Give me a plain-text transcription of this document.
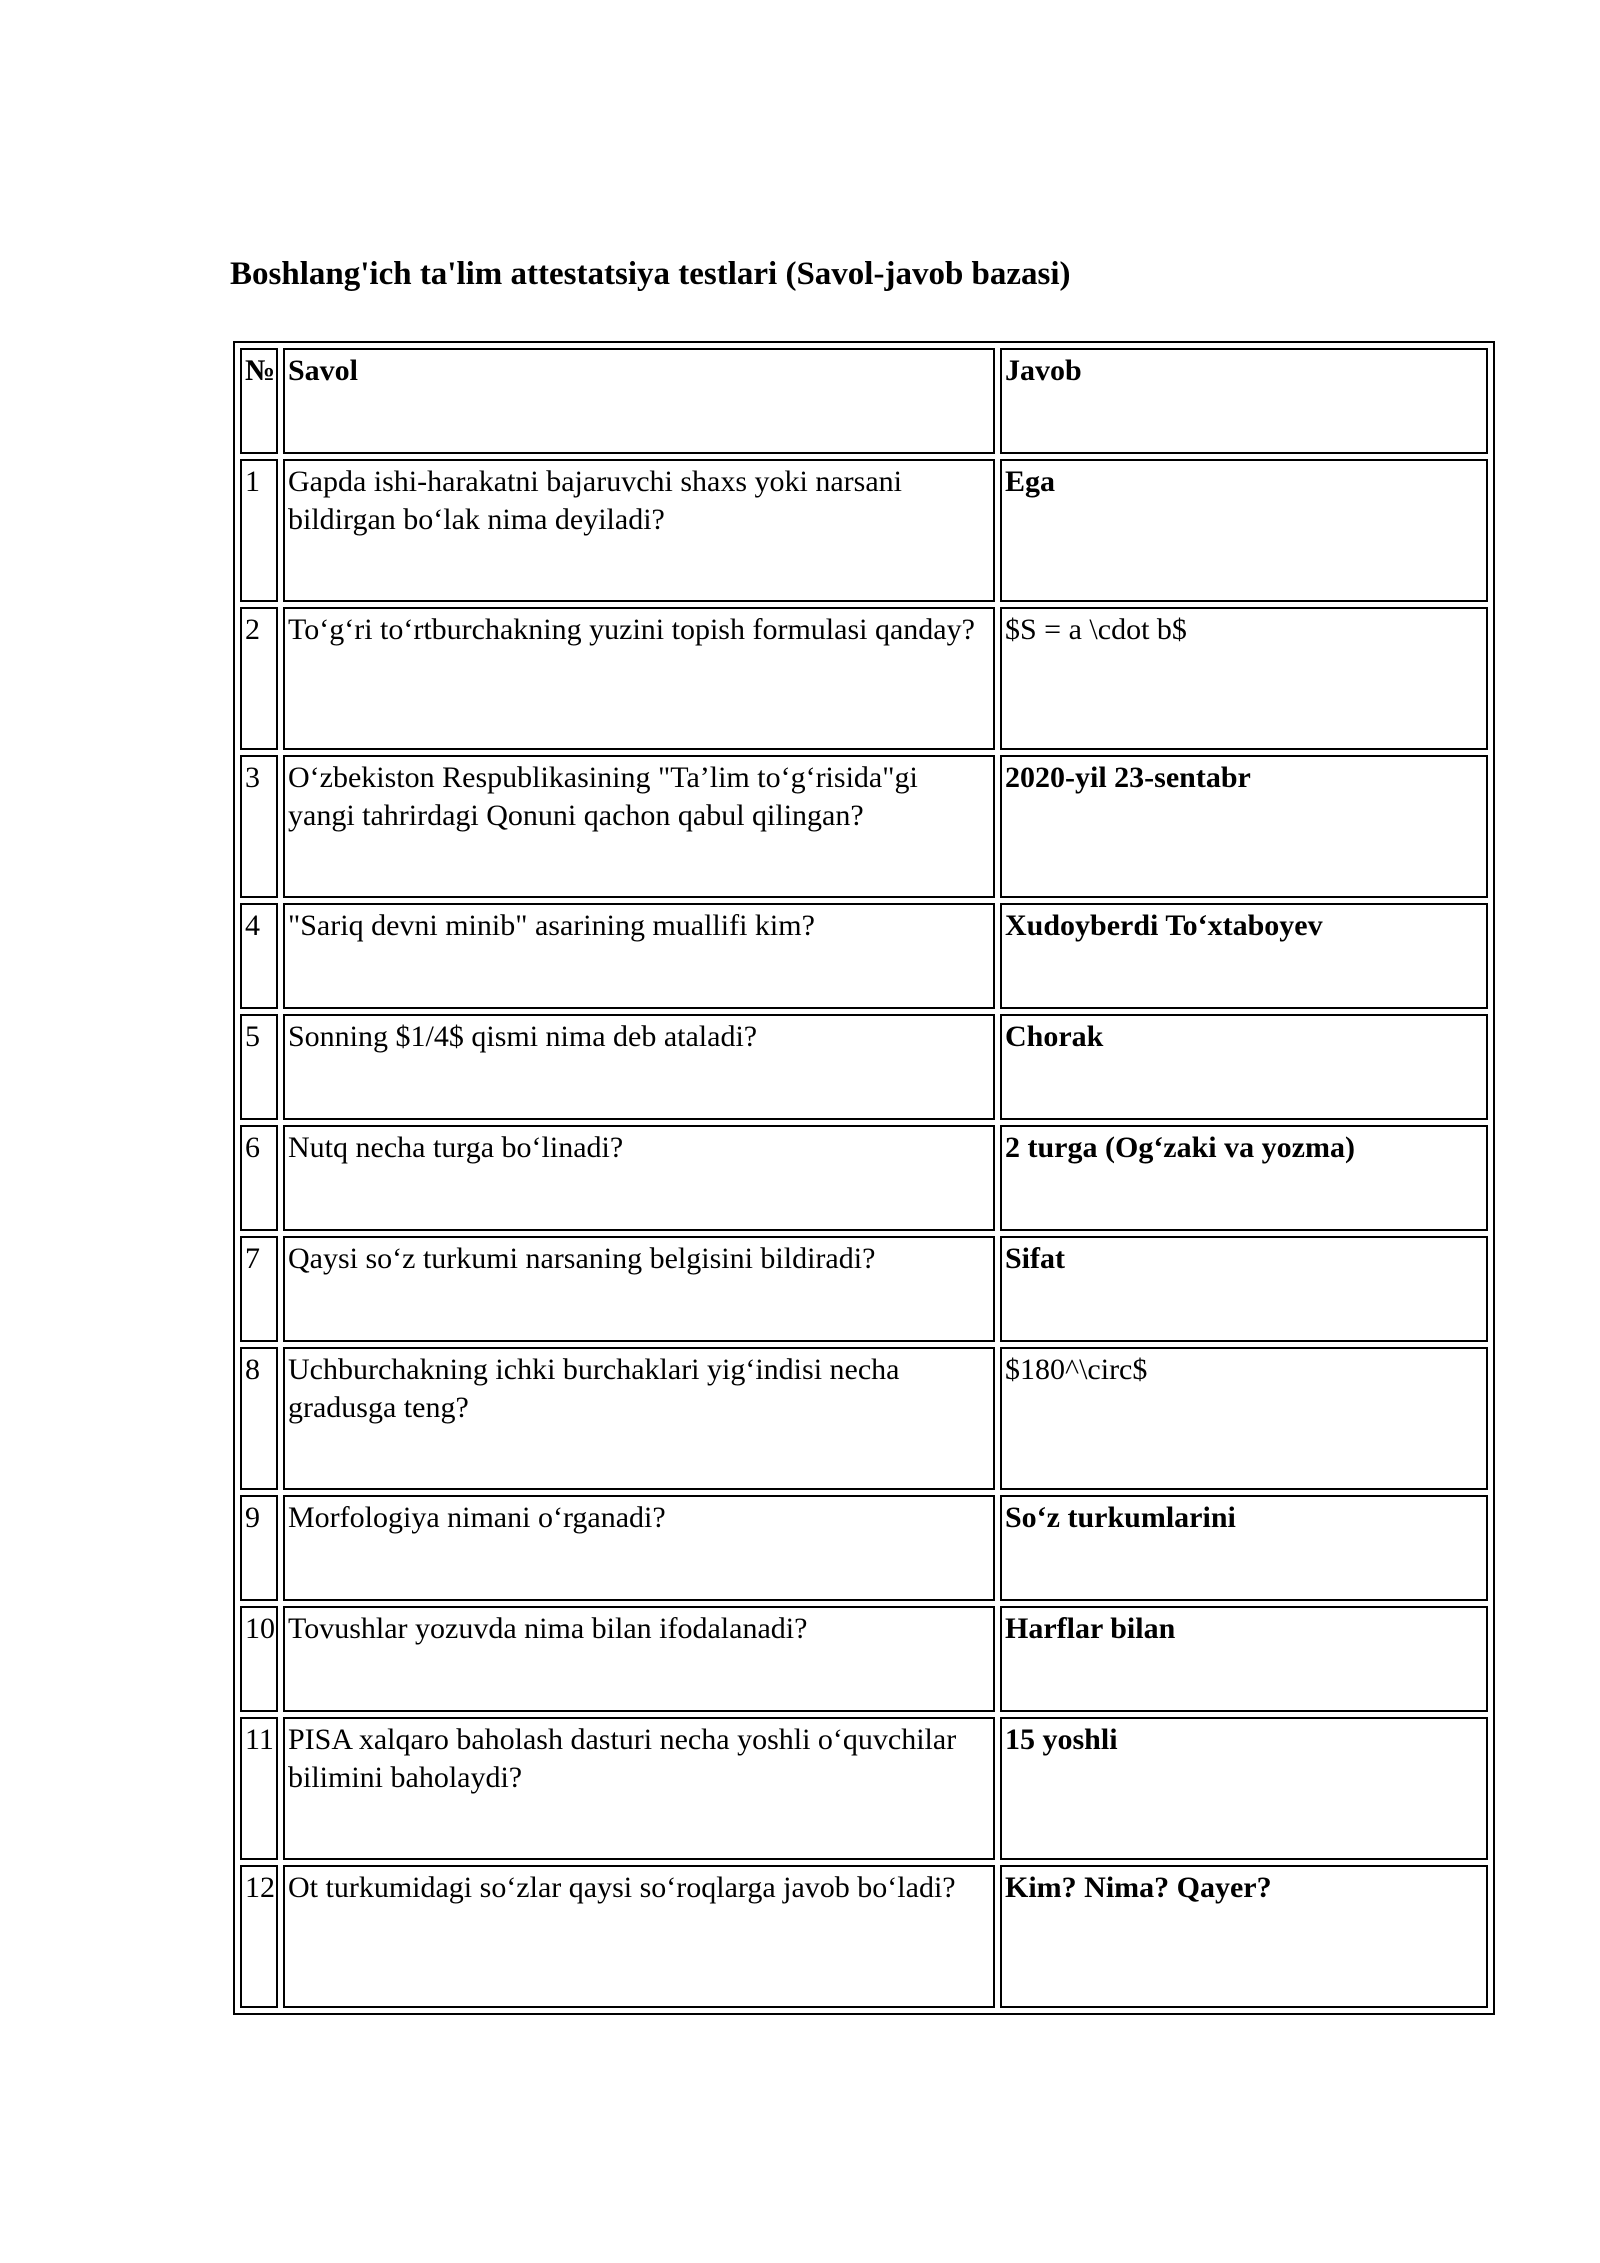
Boshlang'ich ta'lim attestatsiya testlari (Savol-javob bazasi)
№	Savol	Javob
1	Gapda ishi-harakatni bajaruvchi shaxs yoki narsani bildirgan bo‘lak nima deyiladi?	Ega
2	To‘g‘ri to‘rtburchakning yuzini topish formulasi qanday?	$S = a \cdot b$
3	O‘zbekiston Respublikasining "Ta’lim to‘g‘risida"gi yangi tahrirdagi Qonuni qachon qabul qilingan?	2020-yil 23-sentabr
4	"Sariq devni minib" asarining muallifi kim?	Xudoyberdi To‘xtaboyev
5	Sonning $1/4$ qismi nima deb ataladi?	Chorak
6	Nutq necha turga bo‘linadi?	2 turga (Og‘zaki va yozma)
7	Qaysi so‘z turkumi narsaning belgisini bildiradi?	Sifat
8	Uchburchakning ichki burchaklari yig‘indisi necha gradusga teng?	$180^\circ$
9	Morfologiya nimani o‘rganadi?	So‘z turkumlarini
10	Tovushlar yozuvda nima bilan ifodalanadi?	Harflar bilan
11	PISA xalqaro baholash dasturi necha yoshli o‘quvchilar bilimini baholaydi?	15 yoshli
12	Ot turkumidagi so‘zlar qaysi so‘roqlarga javob bo‘ladi?	Kim? Nima? Qayer?
